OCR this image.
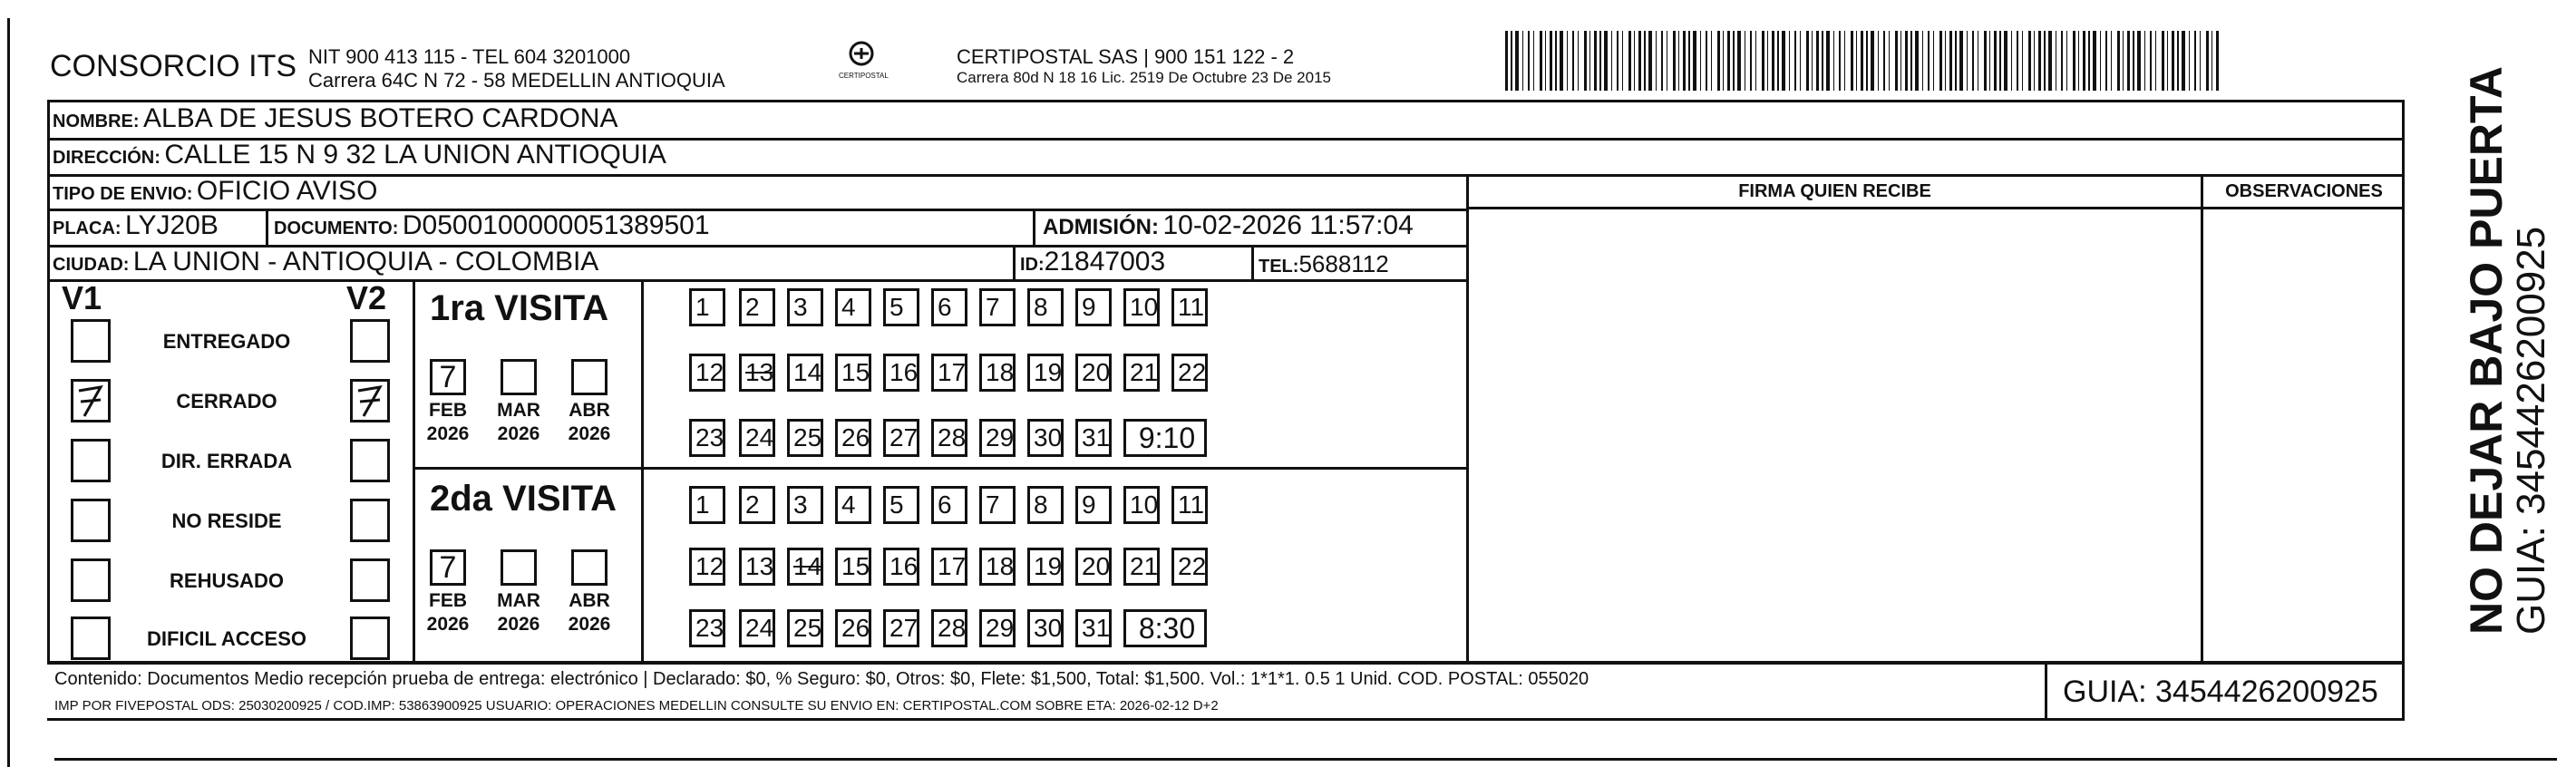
CONSORCIO ITS NIT 900 413 115 - TEL 604 3201000
Carrera 64C N 72 - 58 MEDELLIN ANTIOQUIA	CERTIPOSTAL
CERTIPOSTAL SAS | 900 151 122 - 2
Carrera 80d N 18 16 Lic. 2519 De Octubre 23 De 2015
NOMBRE: ALBA DE JESUS BOTERO CARDONA
DIRECCIÓN: CALLE 15 N 9 32 LA UNION ANTIOQUIA
TIPO DE ENVIO: OFICIO AVISO	FIRMA QUIEN RECIBE	OBSERVACIONES
PLACA: LYJ20B	DOCUMENTO: D0500100000051389501	ADMISIÓN: 10-02-2026 11:57:04
CIUDAD: LA UNION - ANTIOQUIA - COLOMBIA	ID:21847003	TEL:5688112
V1	V2
ENTREGADO
CERRADO
DIR. ERRADA
NO RESIDE
REHUSADO
DIFICIL ACCESO
1ra VISITA
2da VISITA
1	2	3	4	5	6	7	8	9	10 11
12 13 14 15 16 17 18 19 20 21 22
23 24 25 26 27 28 29 30 31 9:10
7
FEB
2026
MAR
2026
ABR
2026
1	2	3	4	5	6	7	8	9	10 11
12 13 14 15 16 17 18 19 20 21 22
23 24 25 26 27 28 29 30 31 8:30
7
FEB
2026
MAR
2026
ABR
2026	NO DEJAR BAJO PUERTA
GUIA: 3454426200925
Contenido: Documentos Medio recepción prueba de entrega: electrónico | Declarado: $0, % Seguro: $0, Otros: $0, Flete: $1,500, Total: $1,500. Vol.: 1*1*1. 0.5 1 Unid. COD. POSTAL: 055020
IMP POR FIVEPOSTAL ODS: 25030200925 / COD.IMP: 53863900925 USUARIO: OPERACIONES MEDELLIN CONSULTE SU ENVIO EN: CERTIPOSTAL.COM SOBRE ETA: 2026-02-12 D+2	GUIA: 3454426200925
